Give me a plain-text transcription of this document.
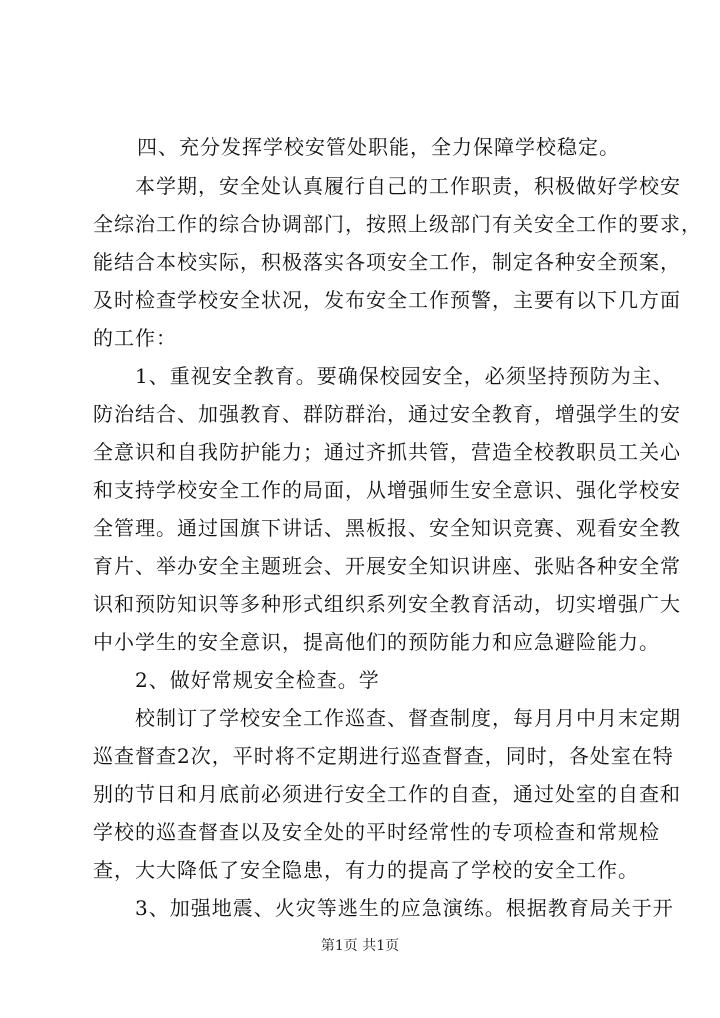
四、充分发挥学校安管处职能，全力保障学校稳定。
本学期，安全处认真履行自己的工作职责，积极做好学校安
全综治工作的综合协调部门，按照上级部门有关安全工作的要求，
能结合本校实际，积极落实各项安全工作，制定各种安全预案，
及时检查学校安全状况，发布安全工作预警，主要有以下几方面
的工作：
1、重视安全教育。要确保校园安全，必须坚持预防为主、
防治结合、加强教育、群防群治，通过安全教育，增强学生的安
全意识和自我防护能力；通过齐抓共管，营造全校教职员工关心
和支持学校安全工作的局面，从增强师生安全意识、强化学校安
全管理。通过国旗下讲话、黑板报、安全知识竞赛、观看安全教
育片、举办安全主题班会、开展安全知识讲座、张贴各种安全常
识和预防知识等多种形式组织系列安全教育活动，切实增强广大
中小学生的安全意识，提高他们的预防能力和应急避险能力。
2、做好常规安全检查。学
校制订了学校安全工作巡查、督查制度，每月月中月末定期
巡查督查2次，平时将不定期进行巡查督查，同时，各处室在特
别的节日和月底前必须进行安全工作的自查，通过处室的自查和
学校的巡查督查以及安全处的平时经常性的专项检查和常规检
查，大大降低了安全隐患，有力的提高了学校的安全工作。
3、加强地震、火灾等逃生的应急演练。根据教育局关于开
第1页 共1页
